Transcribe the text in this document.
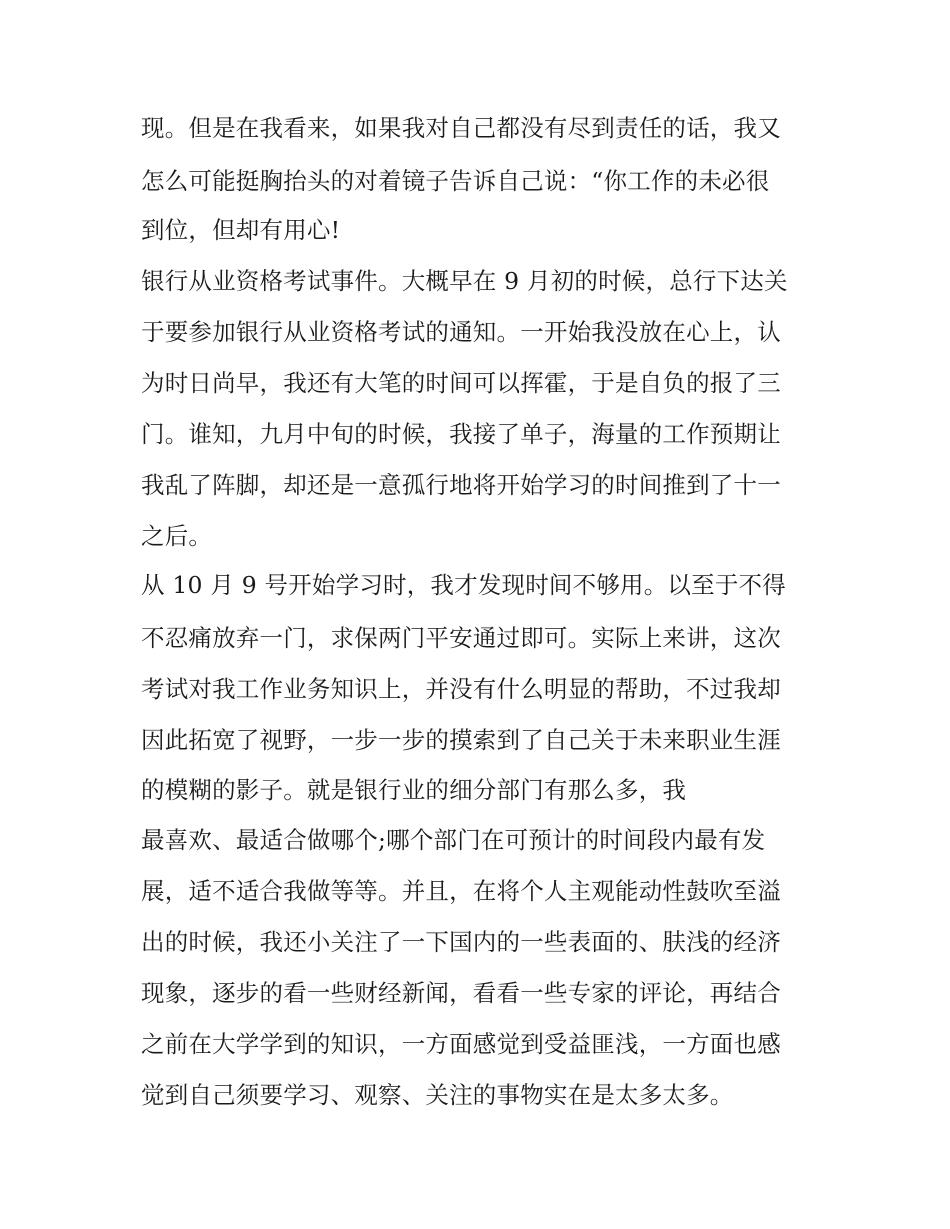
现。但是在我看来，如果我对自己都没有尽到责任的话，我又
怎么可能挺胸抬头的对着镜子告诉自己说：“你工作的未必很
到位，但却有用心!
银行从业资格考试事件。大概早在 9 月初的时候，总行下达关
于要参加银行从业资格考试的通知。一开始我没放在心上，认
为时日尚早，我还有大笔的时间可以挥霍，于是自负的报了三
门。谁知，九月中旬的时候，我接了单子，海量的工作预期让
我乱了阵脚，却还是一意孤行地将开始学习的时间推到了十一
之后。
从 10 月 9 号开始学习时，我才发现时间不够用。以至于不得
不忍痛放弃一门，求保两门平安通过即可。实际上来讲，这次
考试对我工作业务知识上，并没有什么明显的帮助，不过我却
因此拓宽了视野，一步一步的摸索到了自己关于未来职业生涯
的模糊的影子。就是银行业的细分部门有那么多，我
最喜欢、最适合做哪个;哪个部门在可预计的时间段内最有发
展，适不适合我做等等。并且，在将个人主观能动性鼓吹至溢
出的时候，我还小关注了一下国内的一些表面的、肤浅的经济
现象，逐步的看一些财经新闻，看看一些专家的评论，再结合
之前在大学学到的知识，一方面感觉到受益匪浅，一方面也感
觉到自己须要学习、观察、关注的事物实在是太多太多。
